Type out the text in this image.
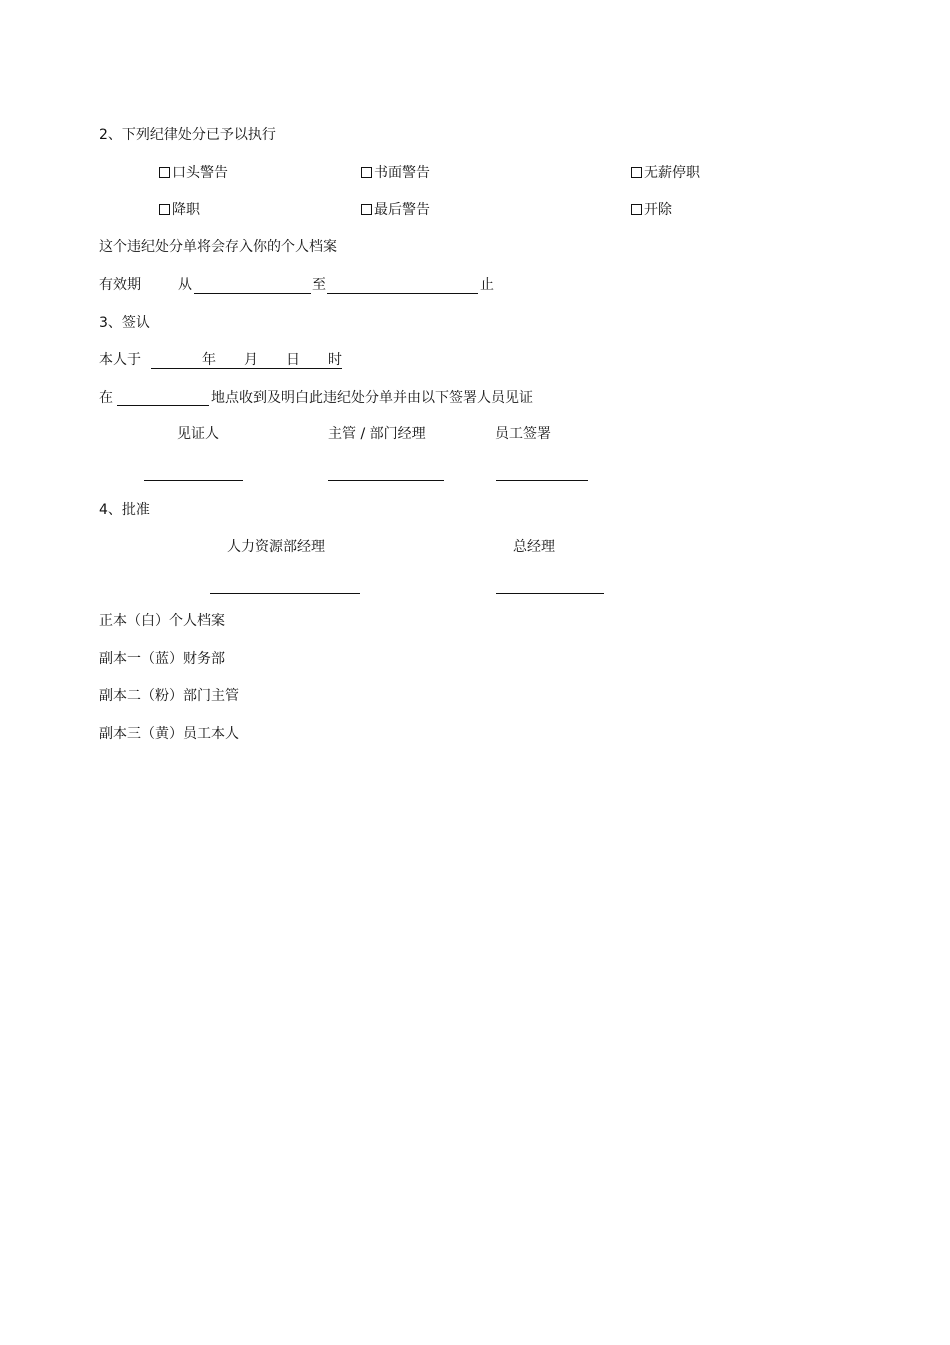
2、下列纪律处分已予以执行
口头警告	书面警告	无薪停职
降职	最后警告	开除
这个违纪处分单将会存入你的个人档案
有效期	从	至	止
3、签认
本人于	年 月 日 时
在	地点收到及明白此违纪处分单并由以下签署人员见证
见证人	主管 / 部门经理	员工签署
4、批准
人力资源部经理	总经理
正本（白）个人档案
副本一（蓝）财务部
副本二（粉）部门主管
副本三（黄）员工本人
